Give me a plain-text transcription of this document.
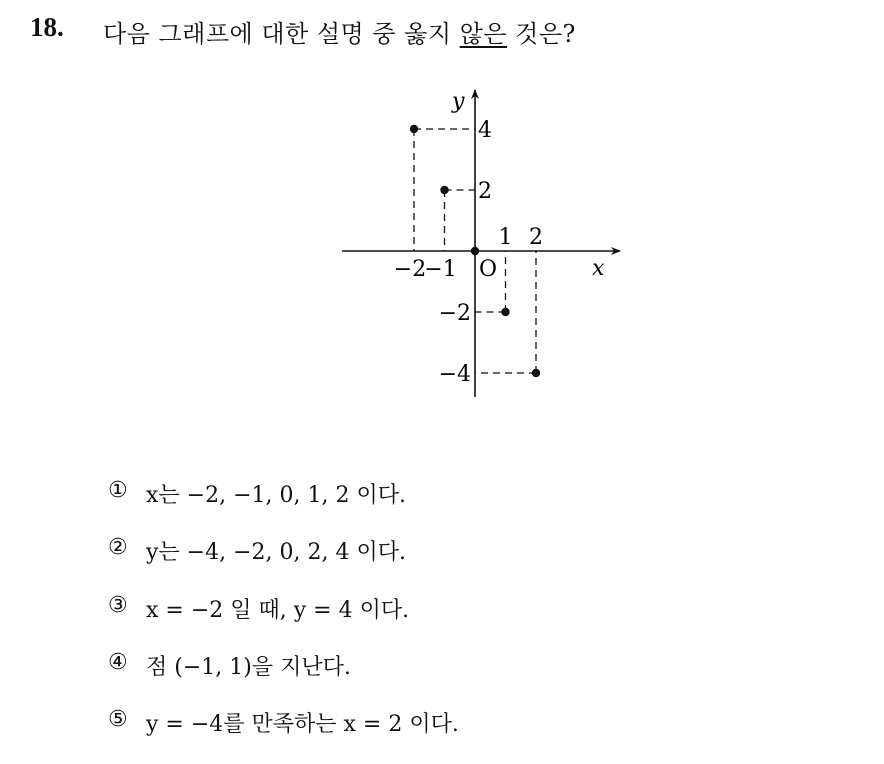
18. 다음 그래프에 대한 설명 중 옳지 않은 것은?
x
y
O
−2
−1
1 2
4
2
−2
−4
① x는 −2, −1, 0, 1, 2 이다.
② y는 −4, −2, 0, 2, 4 이다.
③ x = −2 일 때, y = 4 이다.
④ 점 (−1, 1)을 지난다.
⑤ y = −4를 만족하는 x = 2 이다.
